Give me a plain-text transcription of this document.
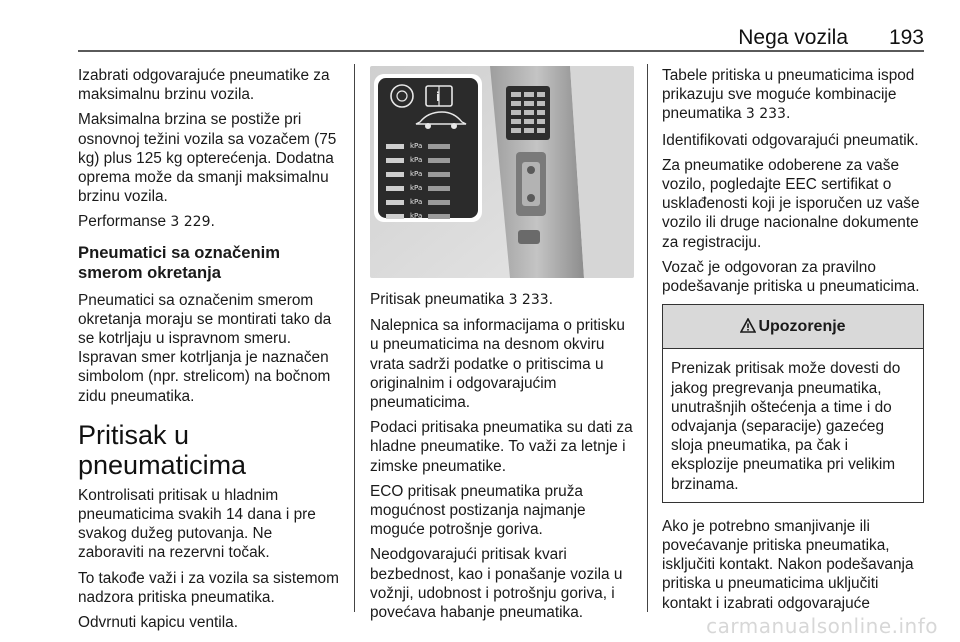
Nega vozila 193

Izabrati odgovarajuće pneumatike za maksimalnu brzinu vozila.

Maksimalna brzina se postiže pri osnovnoj težini vozila sa vozačem (75 kg) plus 125 kg opterećenja. Dodatna oprema može da smanji maksimalnu brzinu vozila.

Performanse 3 229.

Pneumatici sa označenim smerom okretanja

Pneumatici sa označenim smerom okretanja moraju se montirati tako da se kotrljaju u ispravnom smeru. Ispravan smer kotrljanja je naznačen simbolom (npr. strelicom) na bočnom zidu pneumatika.

Pritisak u pneumaticima

Kontrolisati pritisak u hladnim pneumaticima svakih 14 dana i pre svakog dužeg putovanja. Ne zaboraviti na rezervni točak.

To takođe važi i za vozila sa sistemom nadzora pritiska pneumatika.

Odvrnuti kapicu ventila.

i
kPa
kPa
kPa
kPa
kPa
kPa

Pritisak pneumatika 3 233.

Nalepnica sa informacijama o pritisku u pneumaticima na desnom okviru vrata sadrži podatke o pritiscima u originalnim i odgovarajućim pneumaticima.

Podaci pritisaka pneumatika su dati za hladne pneumatike. To važi za letnje i zimske pneumatike.

ECO pritisak pneumatika pruža mogućnost postizanja najmanje moguće potrošnje goriva.

Neodgovarajući pritisak kvari bezbednost, kao i ponašanje vozila u vožnji, udobnost i potrošnju goriva, i povećava habanje pneumatika.

Tabele pritiska u pneumaticima ispod prikazuju sve moguće kombinacije pneumatika 3 233.

Identifikovati odgovarajući pneumatik.

Za pneumatike odoberene za vaše vozilo, pogledajte EEC sertifikat o usklađenosti koji je isporučen uz vaše vozilo ili druge nacionalne dokumente za registraciju.

Vozač je odgovoran za pravilno podešavanje pritiska u pneumaticima.

Upozorenje
Prenizak pritisak može dovesti do jakog pregrevanja pneumatika, unutrašnjih oštećenja a time i do odvajanja (separacije) gazećeg sloja pneumatika, pa čak i eksplozije pneumatika pri velikim brzinama.

Ako je potrebno smanjivanje ili povećavanje pritiska pneumatika, isključiti kontakt. Nakon podešavanja pritiska u pneumaticima uključiti kontakt i izabrati odgovarajuće

carmanualsonline.info
